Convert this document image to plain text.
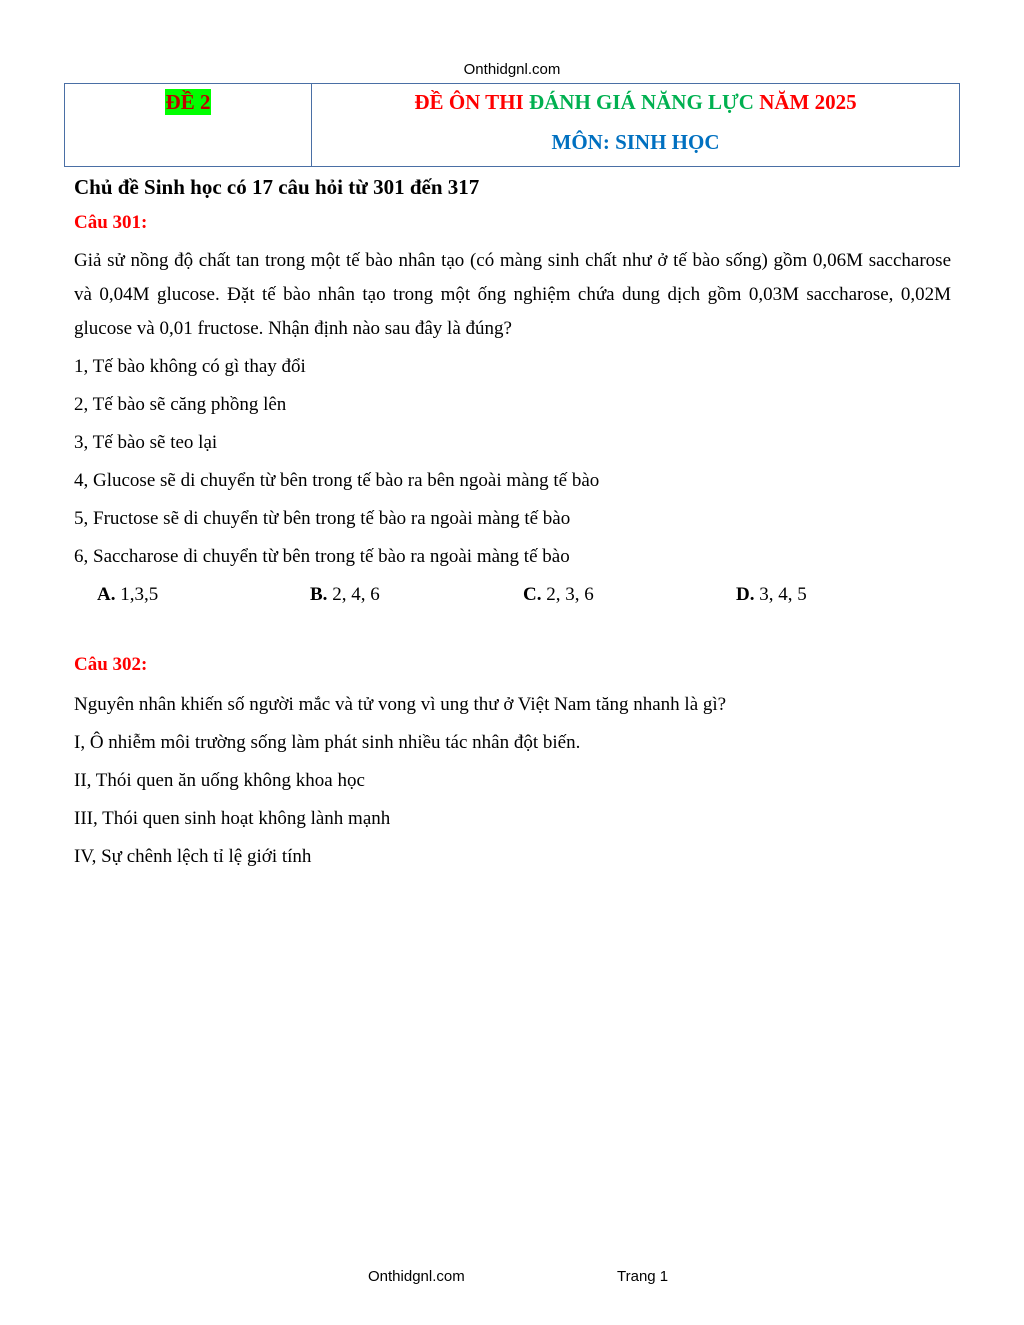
Onthidgnl.com
ĐỀ 2	ĐỀ ÔN THI ĐÁNH GIÁ NĂNG LỰC NĂM 2025
MÔN: SINH HỌC
Chủ đề Sinh học có 17 câu hỏi từ 301 đến 317
Câu 301:
Giả sử nồng độ chất tan trong một tế bào nhân tạo (có màng sinh chất như ở tế bào sống) gồm 0,06M saccharose và 0,04M glucose. Đặt tế bào nhân tạo trong một ống nghiệm chứa dung dịch gồm 0,03M saccharose, 0,02M glucose và 0,01 fructose. Nhận định nào sau đây là đúng?
1, Tế bào không có gì thay đổi
2, Tế bào sẽ căng phồng lên
3, Tế bào sẽ teo lại
4, Glucose sẽ di chuyển từ bên trong tế bào ra bên ngoài màng tế bào
5, Fructose sẽ di chuyển từ bên trong tế bào ra ngoài màng tế bào
6, Saccharose di chuyển từ bên trong tế bào ra ngoài màng tế bào
A. 1,3,5	B. 2, 4, 6	C. 2, 3, 6	D. 3, 4, 5
Câu 302:
Nguyên nhân khiến số người mắc và tử vong vì ung thư ở Việt Nam tăng nhanh là gì?
I, Ô nhiễm môi trường sống làm phát sinh nhiều tác nhân đột biến.
II, Thói quen ăn uống không khoa học
III, Thói quen sinh hoạt không lành mạnh
IV, Sự chênh lệch tỉ lệ giới tính
Onthidgnl.com	Trang 1
